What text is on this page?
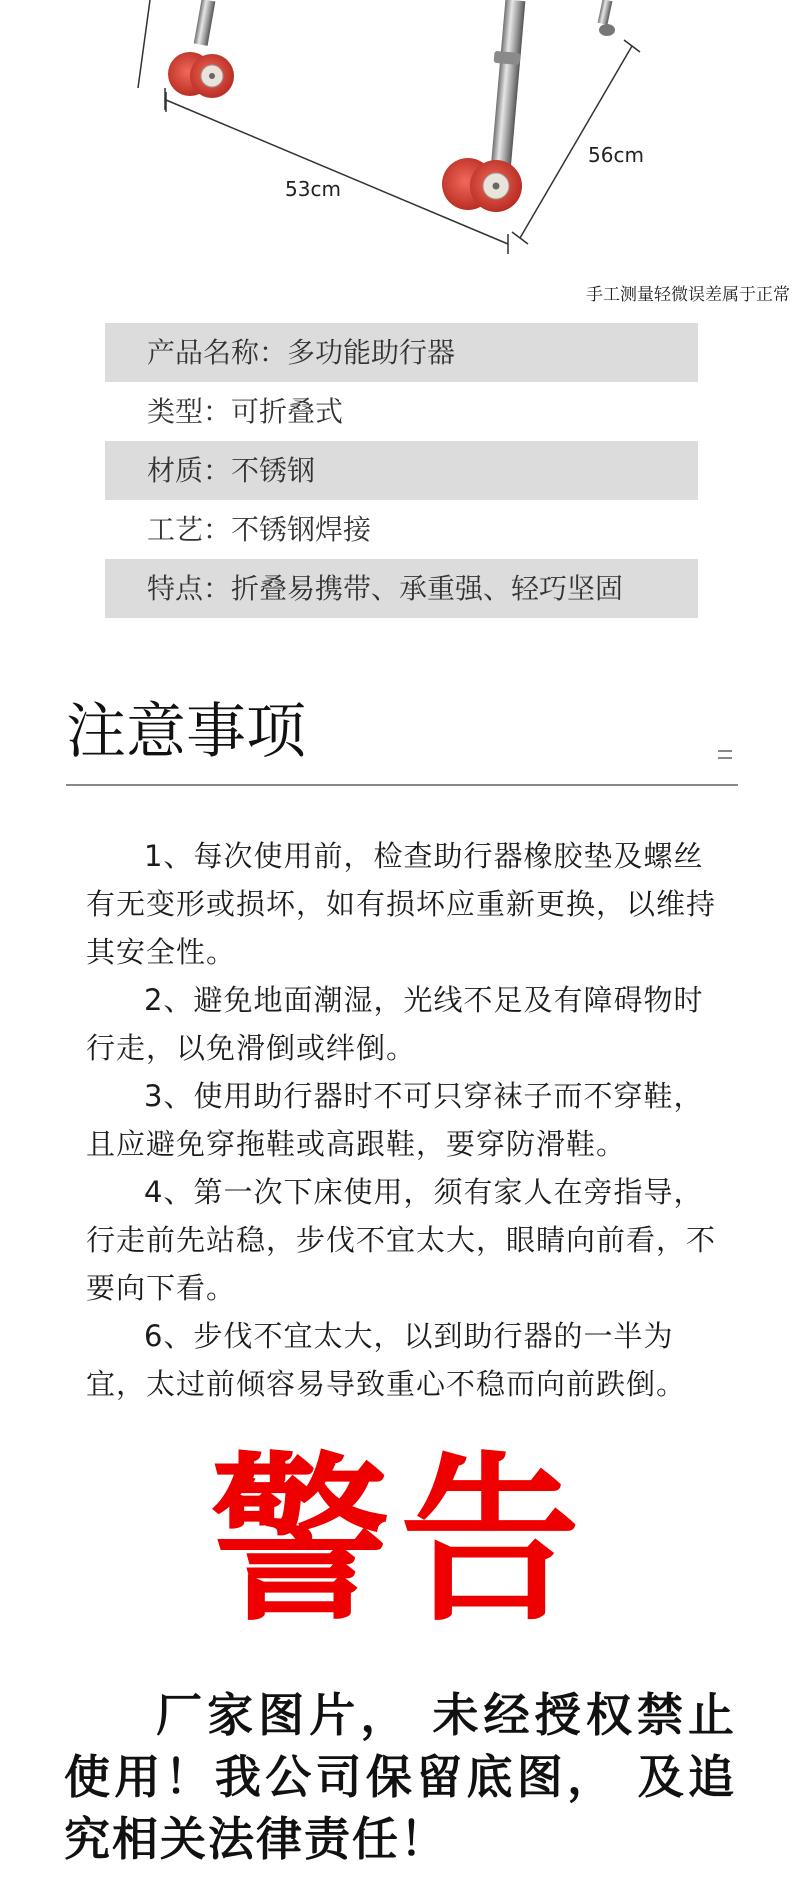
53cm
56cm
手工测量轻微误差属于正常
产品名称：多功能助行器
类型：可折叠式
材质：不锈钢
工艺：不锈钢焊接
特点：折叠易携带、承重强、轻巧坚固
注意事项

1、每次使用前，检查助行器橡胶垫及螺丝有无变形或损坏，如有损坏应重新更换，以维持其安全性。

2、避免地面潮湿，光线不足及有障碍物时行走，以免滑倒或绊倒。

3、使用助行器时不可只穿袜子而不穿鞋，且应避免穿拖鞋或高跟鞋，要穿防滑鞋。

4、第一次下床使用，须有家人在旁指导，行走前先站稳，步伐不宜太大，眼睛向前看，不要向下看。

6、步伐不宜太大，以到助行器的一半为宜，太过前倾容易导致重心不稳而向前跌倒。

警告

厂家图片， 未经授权禁止使用！我公司保留底图， 及追究相关法律责任！
